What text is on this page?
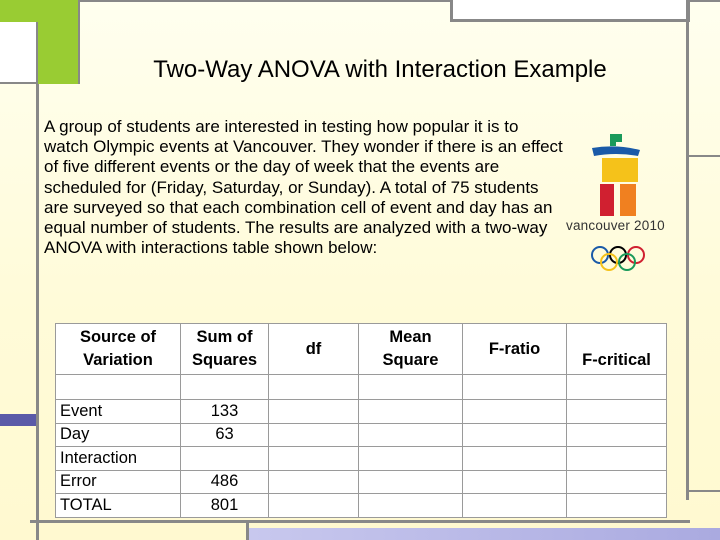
Two-Way ANOVA with Interaction Example

A group of students are interested in testing how popular it is to watch Olympic events at Vancouver. They wonder if there is an effect of five different events or the day of week that the events are scheduled for (Friday, Saturday, or Sunday). A total of 75 students are surveyed so that each combination cell of event and day has an equal number of students. The results are analyzed with a two-way ANOVA with interactions table shown below:

vancouver 2010
Source of Variation	Sum of Squares	df	Mean Square	F-ratio	F-critical

Event	133				
Day	63				
Interaction					
Error	486				
TOTAL	801				
